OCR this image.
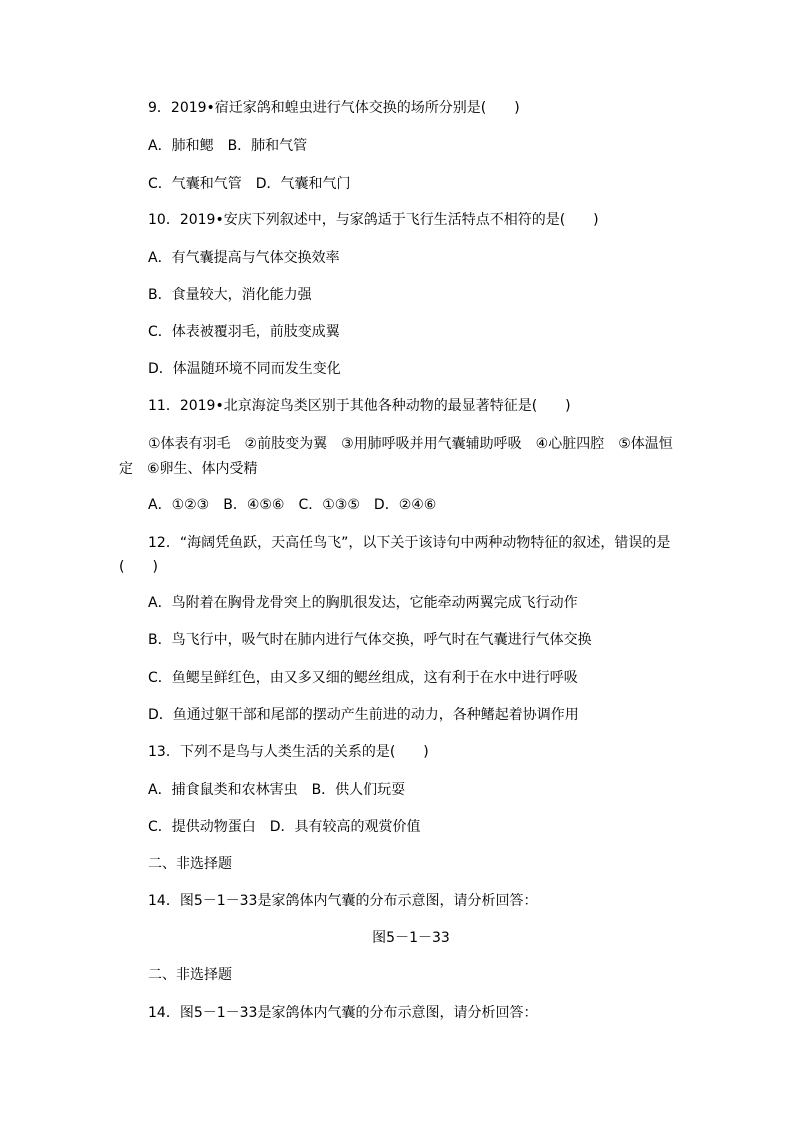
9．2019•宿迁家鸽和蝗虫进行气体交换的场所分别是(　　)
A．肺和鳃　B．肺和气管
C．气囊和气管　D．气囊和气门
10．2019•安庆下列叙述中，与家鸽适于飞行生活特点不相符的是(　　)
A．有气囊提高与气体交换效率
B．食量较大，消化能力强
C．体表被覆羽毛，前肢变成翼
D．体温随环境不同而发生变化
11．2019•北京海淀鸟类区别于其他各种动物的最显著特征是(　　)
①体表有羽毛　②前肢变为翼　③用肺呼吸并用气囊辅助呼吸　④心脏四腔　⑤体温恒
定　⑥卵生、体内受精
A．①②③　B．④⑤⑥　C．①③⑤　D．②④⑥
12．“海阔凭鱼跃，天高任鸟飞”，以下关于该诗句中两种动物特征的叙述，错误的是
(　　)
A．鸟附着在胸骨龙骨突上的胸肌很发达，它能牵动两翼完成飞行动作
B．鸟飞行中，吸气时在肺内进行气体交换，呼气时在气囊进行气体交换
C．鱼鳃呈鲜红色，由又多又细的鳃丝组成，这有利于在水中进行呼吸
D．鱼通过躯干部和尾部的摆动产生前进的动力，各种鳍起着协调作用
13．下列不是鸟与人类生活的关系的是(　　)
A．捕食鼠类和农林害虫　B．供人们玩耍
C．提供动物蛋白　D．具有较高的观赏价值
二、非选择题
14．图5－1－33是家鸽体内气囊的分布示意图，请分析回答：
图5－1－33
二、非选择题
14．图5－1－33是家鸽体内气囊的分布示意图，请分析回答：
